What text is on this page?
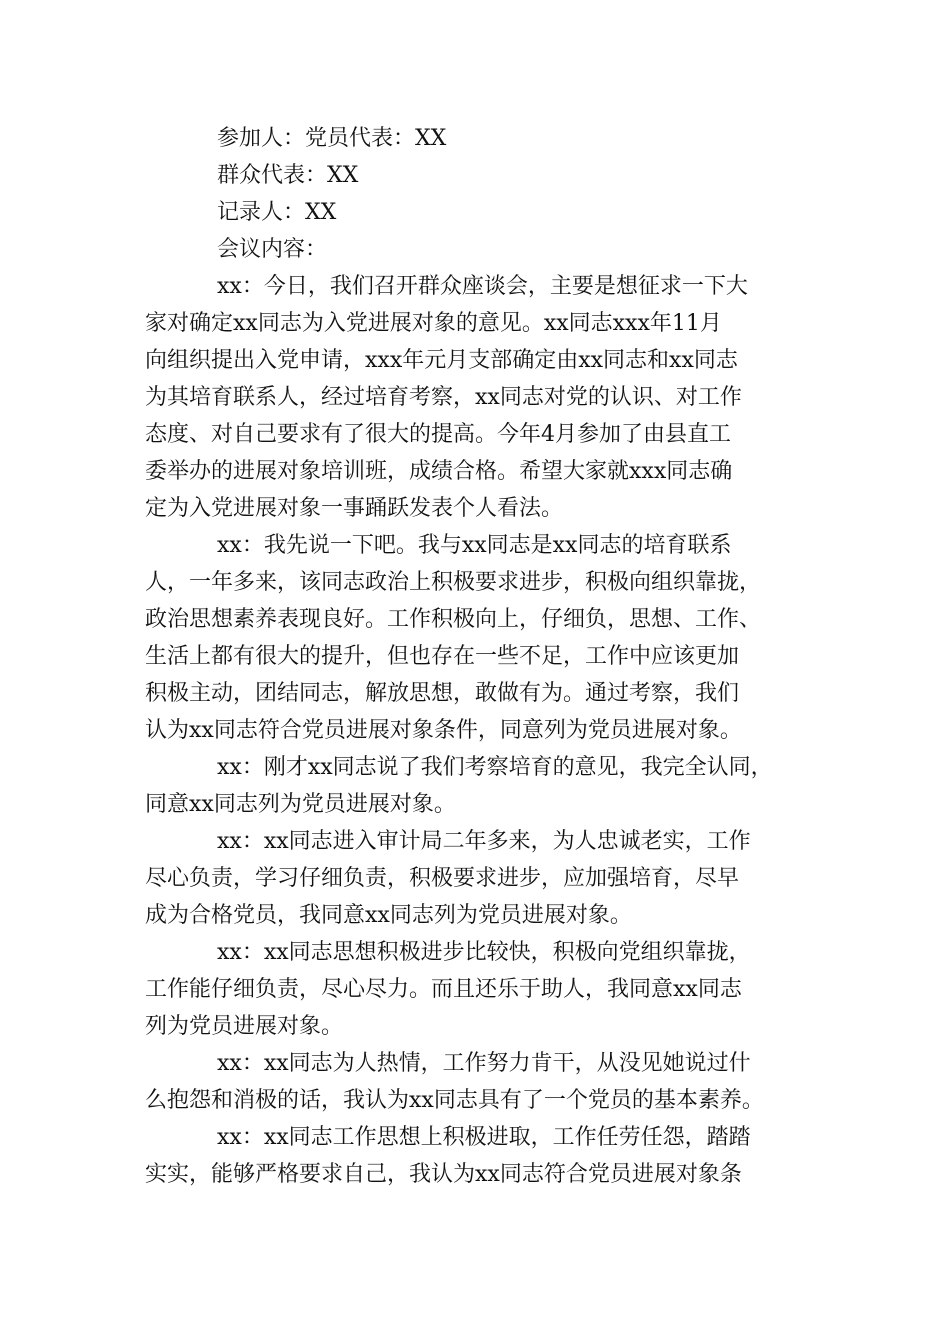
参加人：党员代表：XX
群众代表：XX
记录人：XX
会议内容：
xx：今日，我们召开群众座谈会，主要是想征求一下大
家对确定xx同志为入党进展对象的意见。xx同志xxx年11月
向组织提出入党申请，xxx年元月支部确定由xx同志和xx同志
为其培育联系人，经过培育考察，xx同志对党的认识、对工作
态度、对自己要求有了很大的提高。今年4月参加了由县直工
委举办的进展对象培训班，成绩合格。希望大家就xxx同志确
定为入党进展对象一事踊跃发表个人看法。
xx：我先说一下吧。我与xx同志是xx同志的培育联系
人，一年多来，该同志政治上积极要求进步，积极向组织靠拢，
政治思想素养表现良好。工作积极向上，仔细负，思想、工作、
生活上都有很大的提升，但也存在一些不足，工作中应该更加
积极主动，团结同志，解放思想，敢做有为。通过考察，我们
认为xx同志符合党员进展对象条件，同意列为党员进展对象。
xx：刚才xx同志说了我们考察培育的意见，我完全认同，
同意xx同志列为党员进展对象。
xx：xx同志进入审计局二年多来，为人忠诚老实，工作
尽心负责，学习仔细负责，积极要求进步，应加强培育，尽早
成为合格党员，我同意xx同志列为党员进展对象。
xx：xx同志思想积极进步比较快，积极向党组织靠拢，
工作能仔细负责，尽心尽力。而且还乐于助人，我同意xx同志
列为党员进展对象。
xx：xx同志为人热情，工作努力肯干，从没见她说过什
么抱怨和消极的话，我认为xx同志具有了一个党员的基本素养。
xx：xx同志工作思想上积极进取，工作任劳任怨，踏踏
实实，能够严格要求自己，我认为xx同志符合党员进展对象条
